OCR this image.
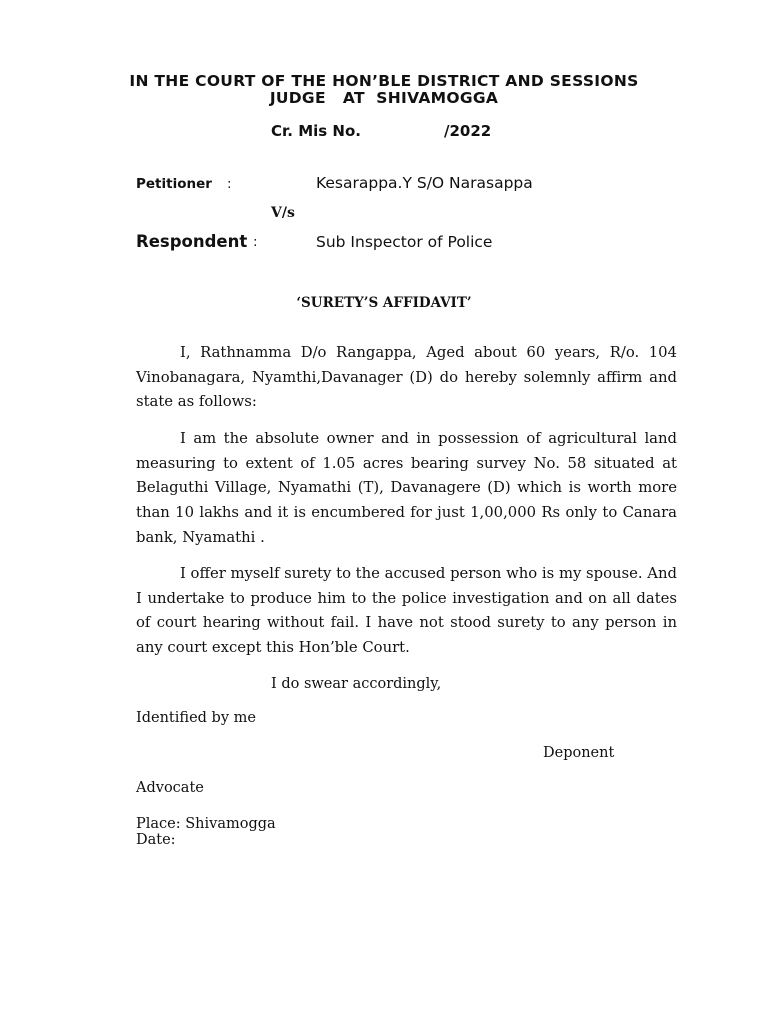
IN THE COURT OF THE HON’BLE DISTRICT AND SESSIONS
JUDGE   AT  SHIVAMOGGA
Cr. Mis No.	/2022
Petitioner :	Kesarappa.Y S/O Narasappa
V/s
Respondent :	Sub Inspector of Police
‘SURETY’S AFFIDAVIT’
I, Rathnamma D/o Rangappa, Aged about 60 years, R/o. 104 Vinobanagara, Nyamthi,Davanager (D) do hereby solemnly affirm and state as follows:
I am the absolute owner and in possession of agricultural land measuring to extent of 1.05 acres bearing survey No. 58 situated at Belaguthi Village, Nyamathi (T), Davanagere (D) which is worth more than 10 lakhs and it is encumbered for just 1,00,000 Rs only to Canara bank, Nyamathi .
I offer myself surety to the accused person who is my spouse. And I undertake to produce him to the police investigation and on all dates of court hearing without fail. I have not stood surety to any person in any court except this Hon’ble Court.
I do swear accordingly,
Identified by me
Deponent
Advocate
Place: Shivamogga
Date:
